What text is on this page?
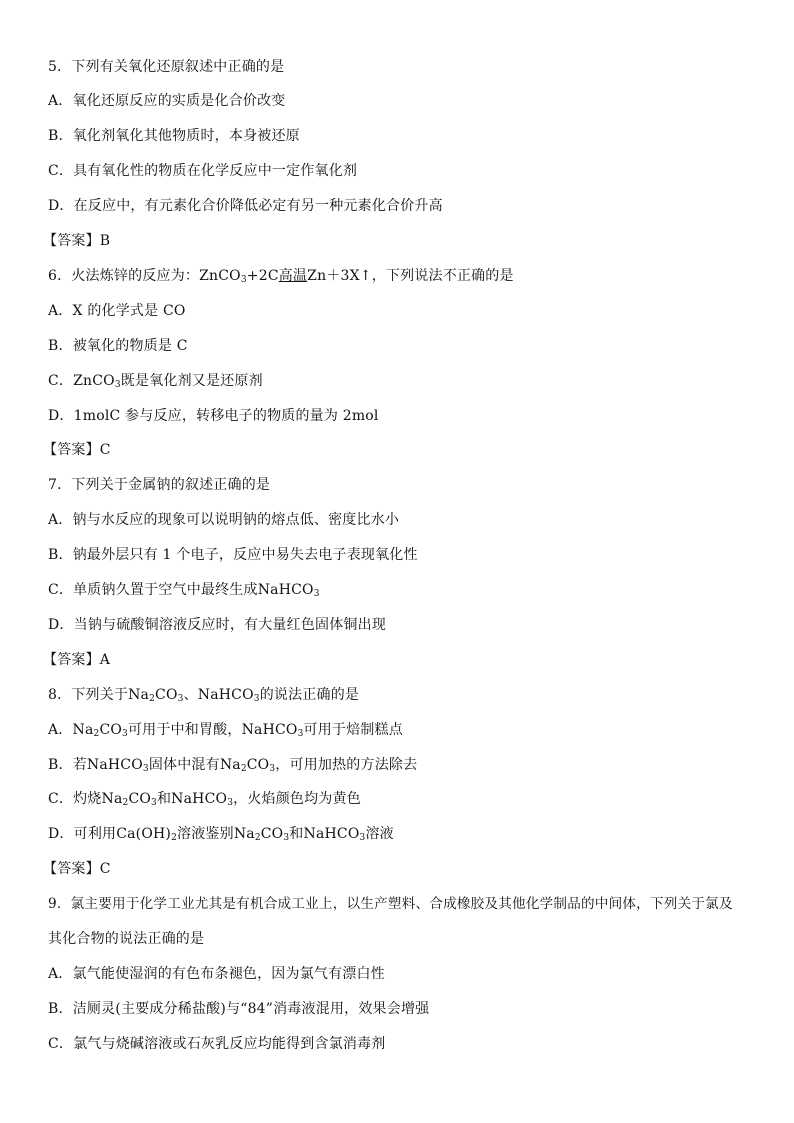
5．下列有关氧化还原叙述中正确的是
A．氧化还原反应的实质是化合价改变
B．氧化剂氧化其他物质时，本身被还原
C．具有氧化性的物质在化学反应中一定作氧化剂
D．在反应中，有元素化合价降低必定有另一种元素化合价升高
【答案】B
6．火法炼锌的反应为：ZnCO$_3$+2C高温Zn＋3X↑，下列说法不正确的是
A．X 的化学式是 CO
B．被氧化的物质是 C
C．ZnCO$_3$既是氧化剂又是还原剂
D．1molC 参与反应，转移电子的物质的量为 2mol
【答案】C
7．下列关于金属钠的叙述正确的是
A．钠与水反应的现象可以说明钠的熔点低、密度比水小
B．钠最外层只有 1 个电子，反应中易失去电子表现氧化性
C．单质钠久置于空气中最终生成NaHCO$_3$
D．当钠与硫酸铜溶液反应时，有大量红色固体铜出现
【答案】A
8．下列关于$Na_2CO_3$、NaHCO$_3$的说法正确的是
A．$Na_2CO_3$可用于中和胃酸，NaHCO$_3$可用于焙制糕点
B．若NaHCO$_3$固体中混有$Na_2CO_3$，可用加热的方法除去
C．灼烧$Na_2CO_3$和NaHCO$_3$，火焰颜色均为黄色
D．可利用$Ca(OH)_2$溶液鉴别$Na_2CO_3$和NaHCO$_3$溶液
【答案】C
9．氯主要用于化学工业尤其是有机合成工业上，以生产塑料、合成橡胶及其他化学制品的中间体，下列关于氯及
其化合物的说法正确的是
A．氯气能使湿润的有色布条褪色，因为氯气有漂白性
B．洁厕灵(主要成分稀盐酸)与“84”消毒液混用，效果会增强
C．氯气与烧碱溶液或石灰乳反应均能得到含氯消毒剂
